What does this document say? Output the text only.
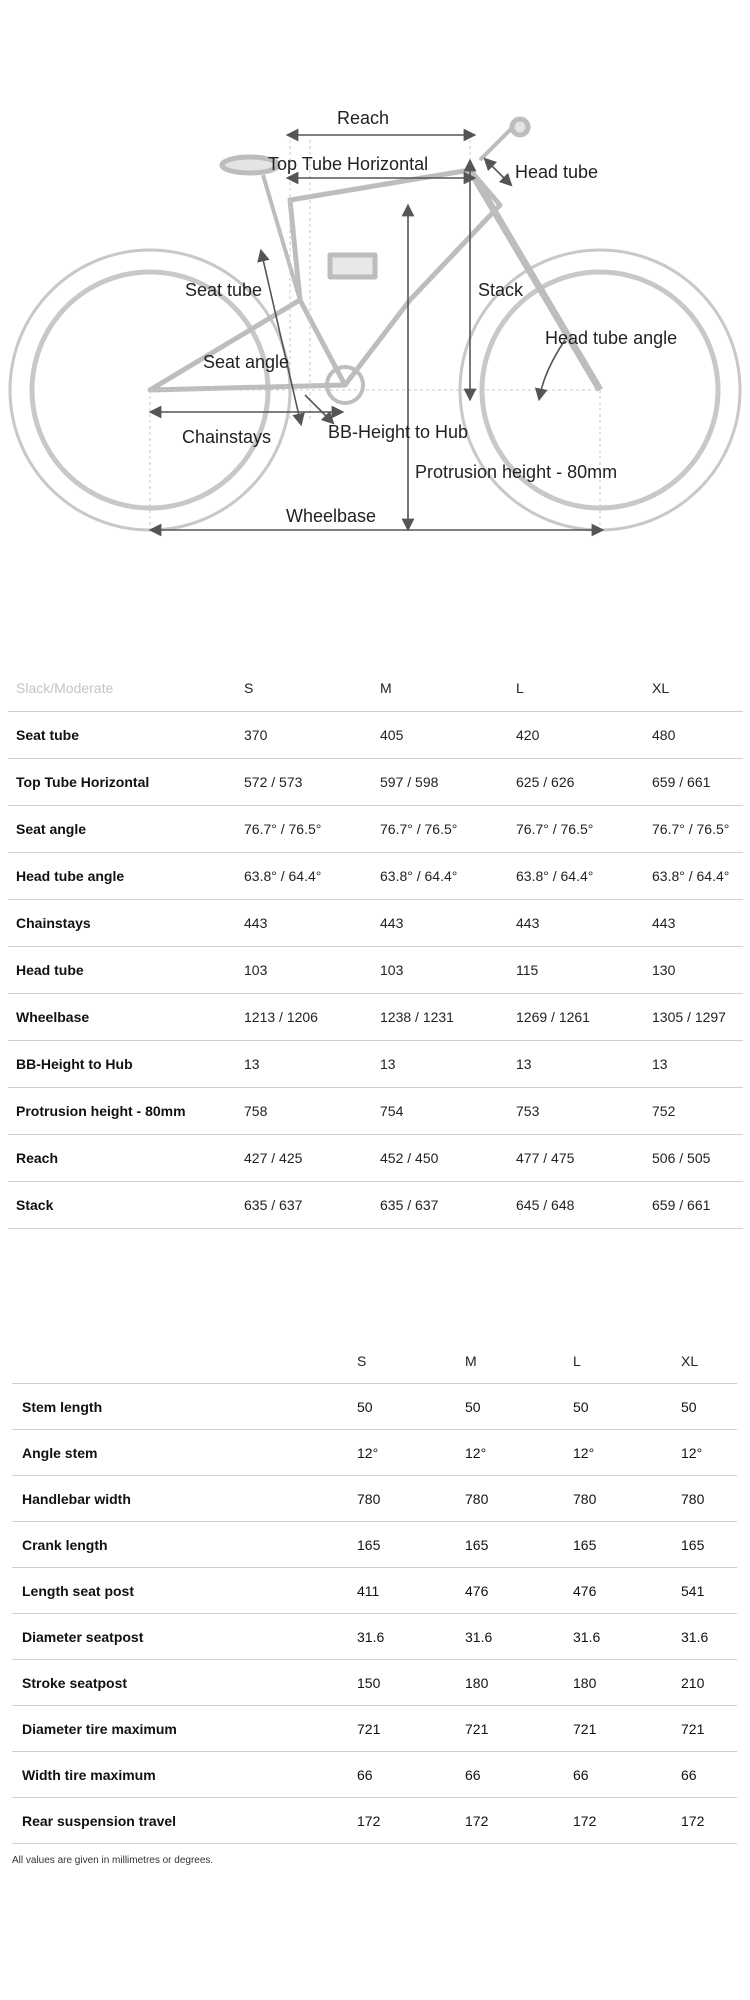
Reach
Top Tube Horizontal	Head tube
Seat tube	Stack
Head tube angle
Seat angle
Chainstays	BB-Height to Hub
Protrusion height - 80mm
Wheelbase
Slack/Moderate	S	M	L	XL
Seat tube	370	405	420	480
Top Tube Horizontal	572 / 573	597 / 598	625 / 626	659 / 661
Seat angle	76.7° / 76.5°	76.7° / 76.5°	76.7° / 76.5°	76.7° / 76.5°
Head tube angle	63.8° / 64.4°	63.8° / 64.4°	63.8° / 64.4°	63.8° / 64.4°
Chainstays	443	443	443	443
Head tube	103	103	115	130
Wheelbase	1213 / 1206	1238 / 1231	1269 / 1261	1305 / 1297
BB-Height to Hub	13	13	13	13
Protrusion height - 80mm	758	754	753	752
Reach	427 / 425	452 / 450	477 / 475	506 / 505
Stack	635 / 637	635 / 637	645 / 648	659 / 661
	S	M	L	XL
Stem length	50	50	50	50
Angle stem	12°	12°	12°	12°
Handlebar width	780	780	780	780
Crank length	165	165	165	165
Length seat post	411	476	476	541
Diameter seatpost	31.6	31.6	31.6	31.6
Stroke seatpost	150	180	180	210
Diameter tire maximum	721	721	721	721
Width tire maximum	66	66	66	66
Rear suspension travel	172	172	172	172
All values are given in millimetres or degrees.
